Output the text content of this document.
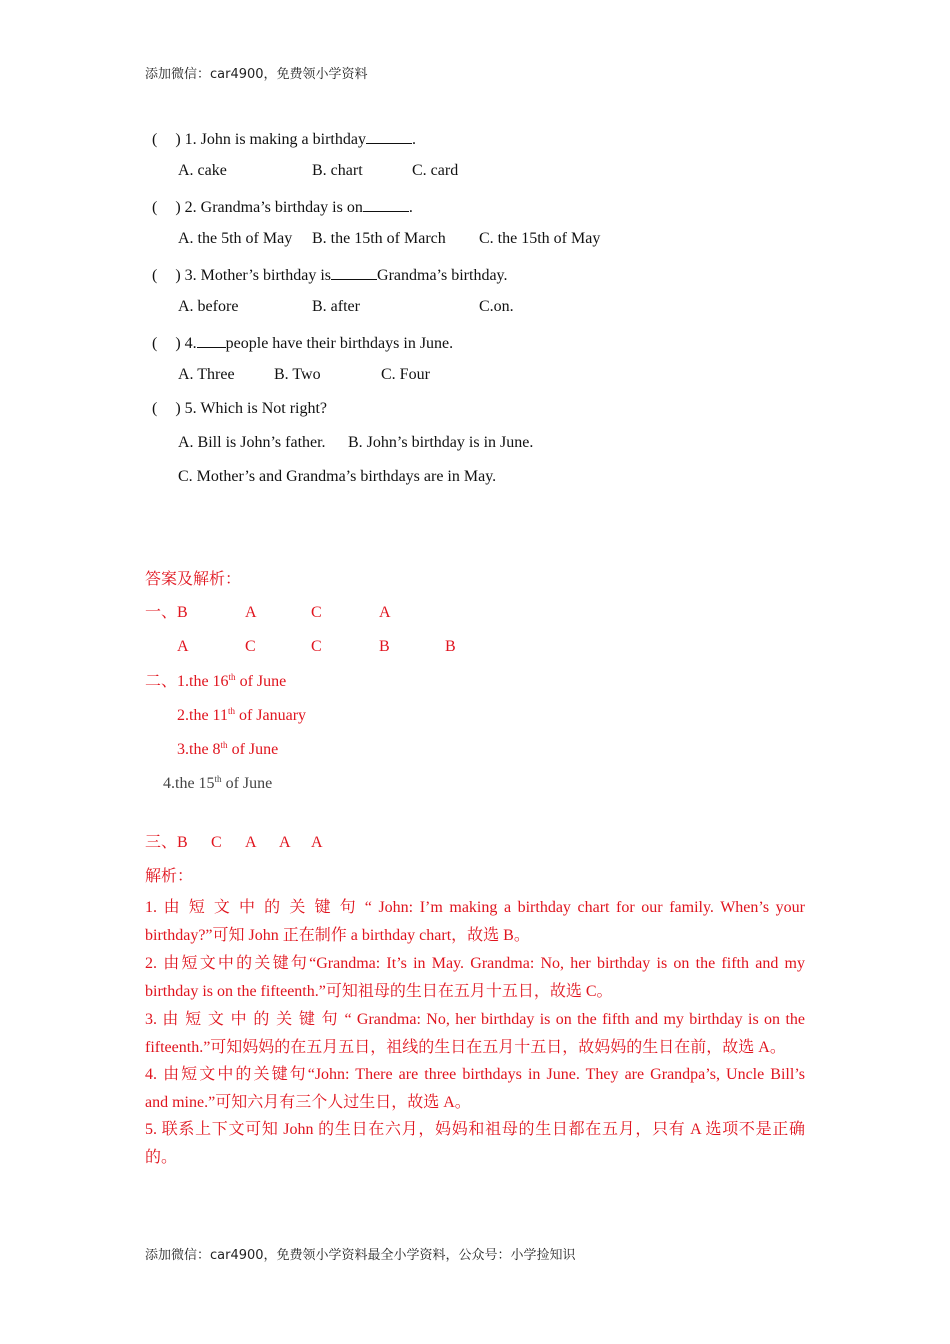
添加微信：car4900，免费领小学资料
( ) 1. John is making a birthday	.
A. cake	B. chart	C. card
( ) 2. Grandma’s birthday is on	.
A. the 5th of May B. the 15th of March C. the 15th of May
( ) 3. Mother’s birthday is	Grandma’s birthday.
A. before	B. after	C.on.
( ) 4. people have their birthdays in June.
A. Three B. Two	C. Four
( ) 5. Which is Not right?
A. Bill is John’s father. B. John’s birthday is in June.
C. Mother’s and Grandma’s birthdays are in May.
答案及解析：
一、 B	A	C	A
A	C	C	B	B
二、 1.the 16th of June
2.the 11th of January
3.the 8th of June
4.the 15th of June
三、 B C A A A
解析：
1. 由 短 文 中 的 关 键 句 “ John: I’m making a birthday chart for our family. When’s your
birthday?”可知 John 正在制作 a birthday chart，故选 B。
2. 由短文中的关键句“Grandma: It’s in May. Grandma: No, her birthday is on the fifth and my
birthday is on the fifteenth.”可知祖母的生日在五月十五日，故选 C。
3. 由 短 文 中 的 关 键 句 “ Grandma: No, her birthday is on the fifth and my birthday is on the
fifteenth.”可知妈妈的在五月五日，祖线的生日在五月十五日，故妈妈的生日在前，故选 A。
4. 由短文中的关键句“John: There are three birthdays in June. They are Grandpa’s, Uncle Bill’s
and mine.”可知六月有三个人过生日，故选 A。
5. 联系上下文可知 John 的生日在六月，妈妈和祖母的生日都在五月，只有 A 选项不是正确
的。
添加微信：car4900，免费领小学资料最全小学资料，公众号：小学捡知识
